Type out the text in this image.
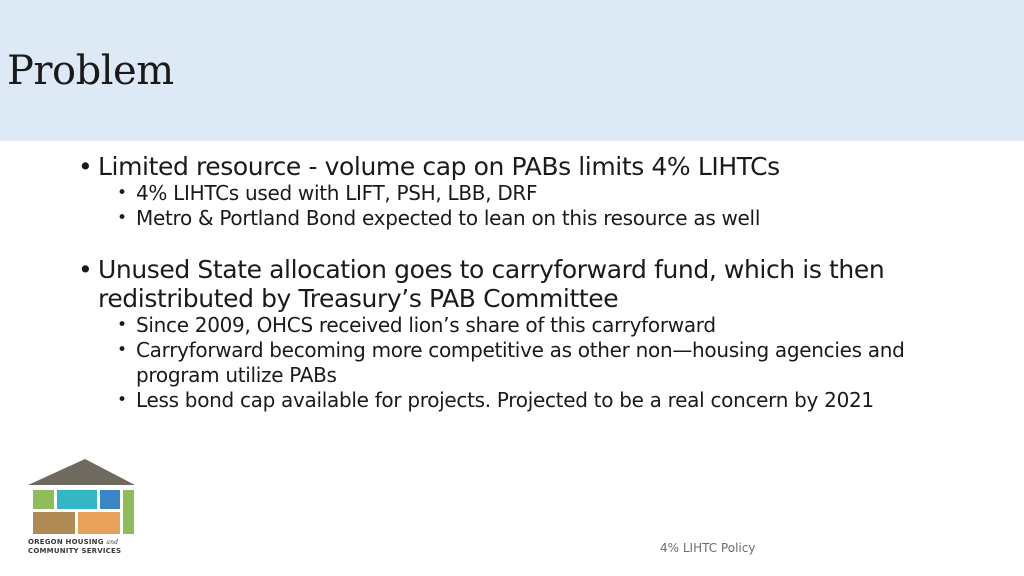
Problem
• Limited resource - volume cap on PABs limits 4% LIHTCs
• 4% LIHTCs used with LIFT, PSH, LBB, DRF
• Metro & Portland Bond expected to lean on this resource as well
• Unused State allocation goes to carryforward fund, which is then redistributed by Treasury’s PAB Committee
• Since 2009, OHCS received lion’s share of this carryforward
• Carryforward becoming more competitive as other non—housing agencies and program utilize PABs
• Less bond cap available for projects. Projected to be a real concern by 2021
OREGON HOUSING and
COMMUNITY SERVICES	4% LIHTC Policy
